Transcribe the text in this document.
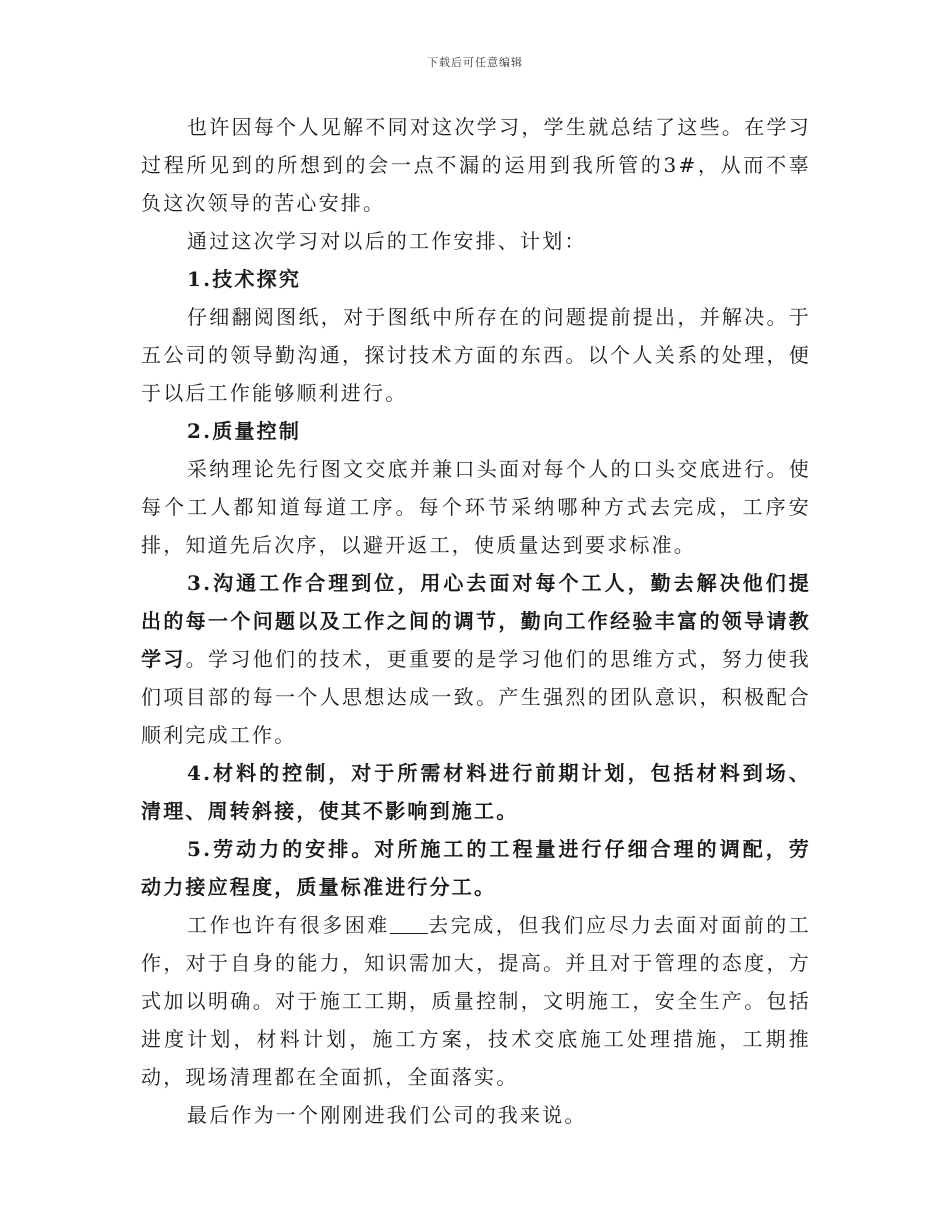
下载后可任意编辑

也许因每个人见解不同对这次学习，学生就总结了这些。在学习过程所见到的所想到的会一点不漏的运用到我所管的3#，从而不辜负这次领导的苦心安排。

通过这次学习对以后的工作安排、计划：

1.技术探究

仔细翻阅图纸，对于图纸中所存在的问题提前提出，并解决。于五公司的领导勤沟通，探讨技术方面的东西。以个人关系的处理，便于以后工作能够顺利进行。

2.质量控制

采纳理论先行图文交底并兼口头面对每个人的口头交底进行。使每个工人都知道每道工序。每个环节采纳哪种方式去完成，工序安排，知道先后次序，以避开返工，使质量达到要求标准。

3.沟通工作合理到位，用心去面对每个工人，勤去解决他们提出的每一个问题以及工作之间的调节，勤向工作经验丰富的领导请教学习。学习他们的技术，更重要的是学习他们的思维方式，努力使我们项目部的每一个人思想达成一致。产生强烈的团队意识，积极配合顺利完成工作。

4.材料的控制，对于所需材料进行前期计划，包括材料到场、清理、周转斜接，使其不影响到施工。

5.劳动力的安排。对所施工的工程量进行仔细合理的调配，劳动力接应程度，质量标准进行分工。

工作也许有很多困难 去完成，但我们应尽力去面对面前的工作，对于自身的能力，知识需加大，提高。并且对于管理的态度，方式加以明确。对于施工工期，质量控制，文明施工，安全生产。包括进度计划，材料计划，施工方案，技术交底施工处理措施，工期推动，现场清理都在全面抓，全面落实。

最后作为一个刚刚进我们公司的我来说。
